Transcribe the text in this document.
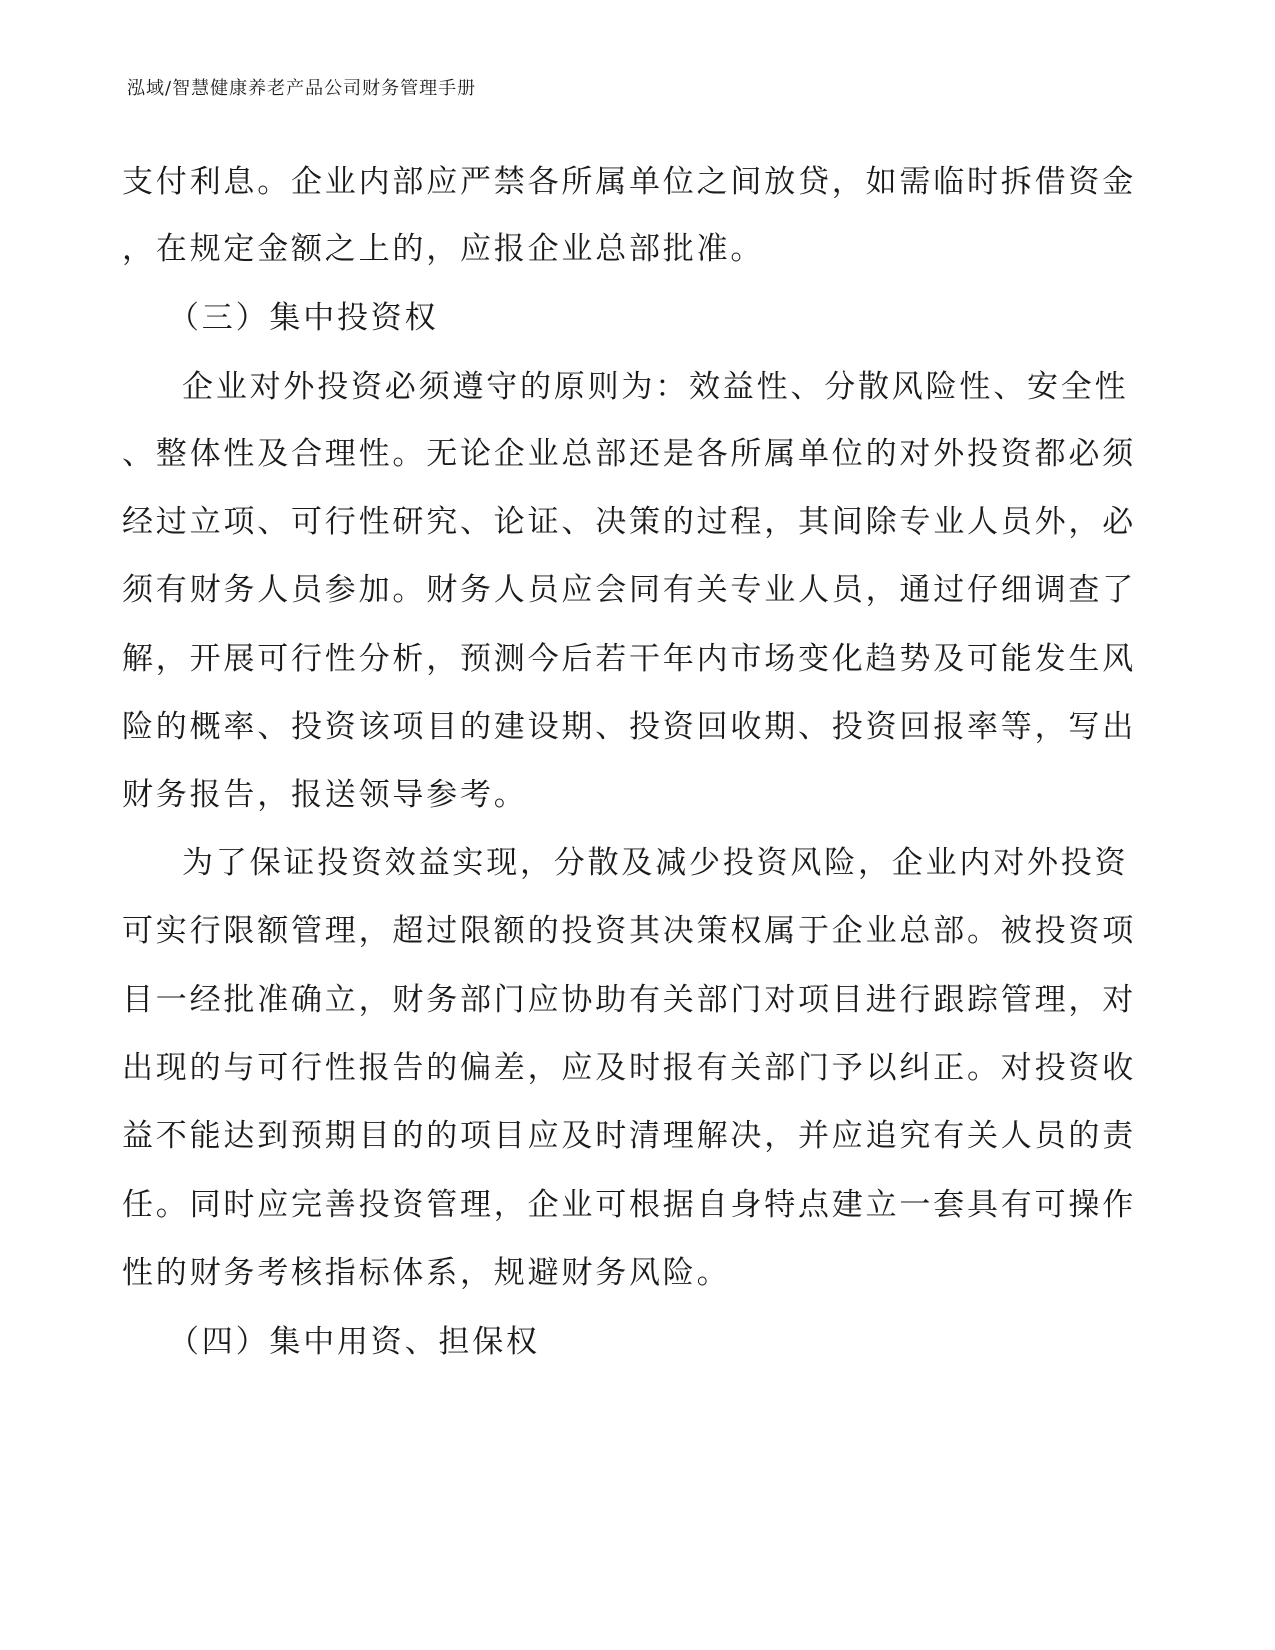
泓域/智慧健康养老产品公司财务管理手册
支付利息。企业内部应严禁各所属单位之间放贷，如需临时拆借资金
，在规定金额之上的，应报企业总部批准。
（三）集中投资权
企业对外投资必须遵守的原则为：效益性、分散风险性、安全性
、整体性及合理性。无论企业总部还是各所属单位的对外投资都必须
经过立项、可行性研究、论证、决策的过程，其间除专业人员外，必
须有财务人员参加。财务人员应会同有关专业人员，通过仔细调查了
解，开展可行性分析，预测今后若干年内市场变化趋势及可能发生风
险的概率、投资该项目的建设期、投资回收期、投资回报率等，写出
财务报告，报送领导参考。
为了保证投资效益实现，分散及减少投资风险，企业内对外投资
可实行限额管理，超过限额的投资其决策权属于企业总部。被投资项
目一经批准确立，财务部门应协助有关部门对项目进行跟踪管理，对
出现的与可行性报告的偏差，应及时报有关部门予以纠正。对投资收
益不能达到预期目的的项目应及时清理解决，并应追究有关人员的责
任。同时应完善投资管理，企业可根据自身特点建立一套具有可操作
性的财务考核指标体系，规避财务风险。
（四）集中用资、担保权
